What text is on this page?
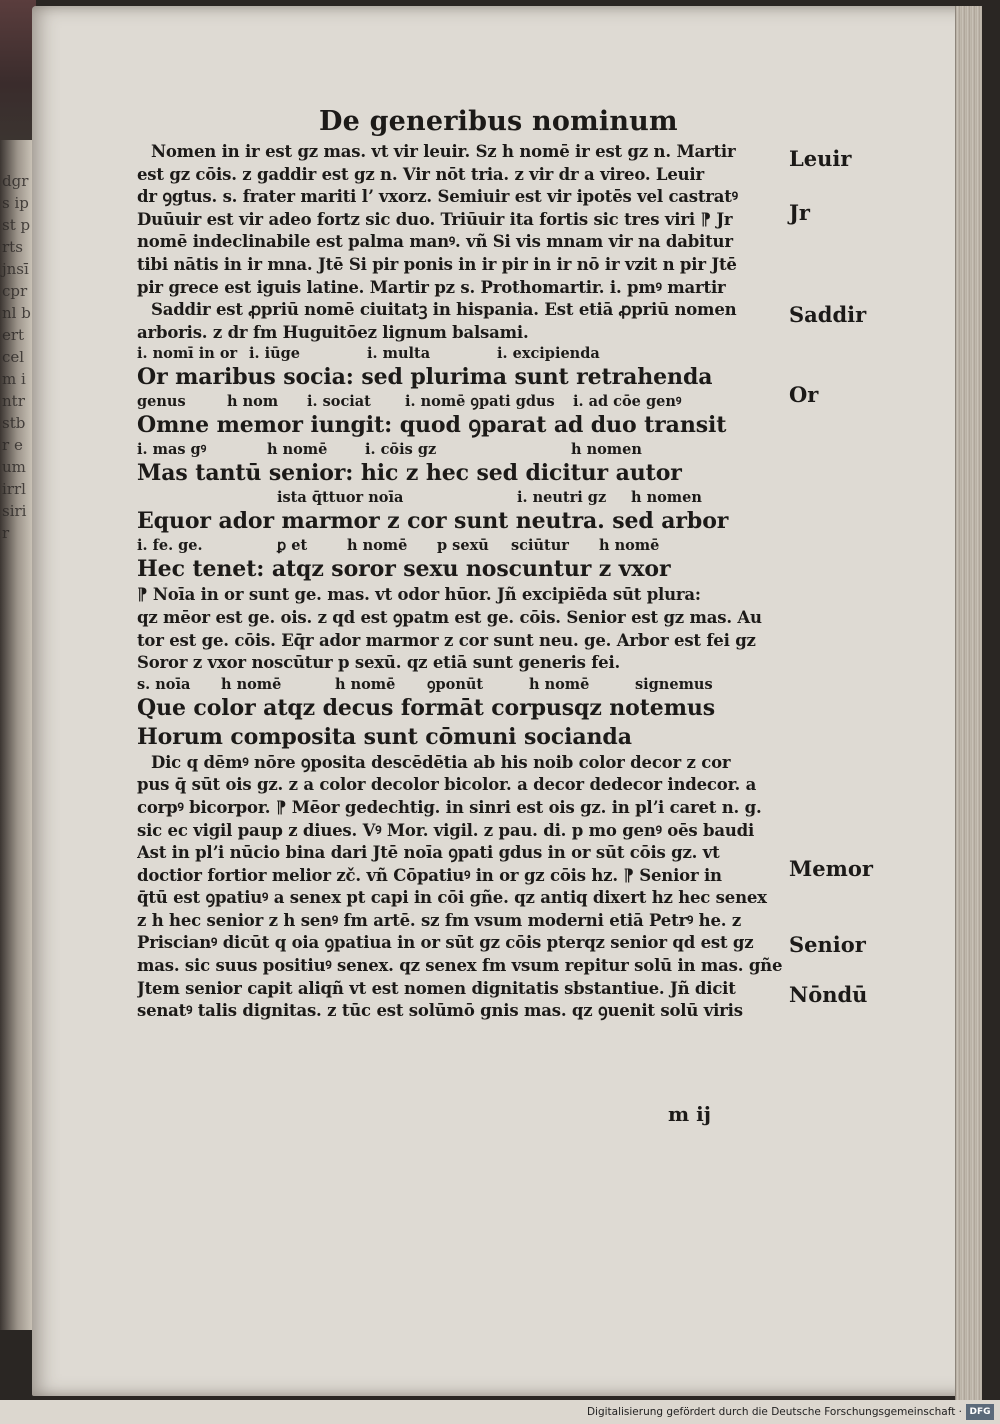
dgrs ipst prts jnsī cprnl bert celm intr stbr eum irrl sirir
De generibus nominum
Nomen in ir est gz mas. vt vir leuir. Sz h nomē ir est gz n. Martir
est gz cōis. z gaddir est gz n. Vir nōt tria. z vir dr a vireo. Leuir
dr ꝯgtus. s. frater mariti lʼ vxorz. Semiuir est vir ipotēs vel castratꝰ
Duūuir est vir adeo fortz sic duo. Triūuir ita fortis sic tres viri ⁋ Jr
nomē indeclinabile est palma manꝰ. vñ Si vis mnam vir na dabitur
tibi nātis in ir mna. Jtē Si pir ponis in ir pir in ir nō ir vzit n pir Jtē
pir grece est iguis latine. Martir pz s. Prothomartir. i. pmꝰ martir
Saddir est ꝓpriū nomē ciuitatꝫ in hispania. Est etiā ꝓpriū nomen
arboris. z dr fm Huguitōez lignum balsami.
i. nomī in or i. iūge	i. multa	i. excipienda
Or maribus socia: sed plurima sunt retrahenda
genus	h nom i. sociat i. nomē ꝯpati gdus i. ad cōe genꝰ
Omne memor iungit: quod ꝯparat ad duo transit
i. mas gꝰ	h nomē	i. cōis gz	h nomen
Mas tantū senior: hic z hec sed dicitur autor
ista q̄ttuor noīa	i. neutri gz h nomen
Equor ador marmor z cor sunt neutra. sed arbor
i. fe. ge.	ꝑ et	h nomē p sexū sciūtur h nomē
Hec tenet: atqz soror sexu noscuntur z vxor
⁋ Noīa in or sunt ge. mas. vt odor hūor. Jñ excipiēda sūt plura:
qz mēor est ge. ois. z qd est ꝯpatm est ge. cōis. Senior est gz mas. Au
tor est ge. cōis. Eq̄r ador marmor z cor sunt neu. ge. Arbor est fei gz
Soror z vxor noscūtur p sexū. qz etiā sunt generis fei.
s. noīa h nomē	h nomē ꝯponūt	h nomē	signemus
Que color atqz decus formāt corpusqz notemus
Horum composita sunt cōmuni socianda
Dic q dēmꝰ nōre ꝯposita descēdētia ab his noib color decor z cor
pus q̄ sūt ois gz. z a color decolor bicolor. a decor dedecor indecor. a
corpꝰ bicorpor. ⁋ Mēor gedechtig. in sinri est ois gz. in plʼi caret n. g.
sic ec vigil paup z diues. Vꝰ Mor. vigil. z pau. di. p mo genꝰ oēs baudi
Ast in plʼi nūcio bina dari Jtē noīa ꝯpati gdus in or sūt cōis gz. vt
doctior fortior melior zč. vñ Cōpatiuꝰ in or gz cōis hz. ⁋ Senior in
q̄tū est ꝯpatiuꝰ a senex pt capi in cōi gñe. qz antiq dixert hz hec senex
z h hec senior z h senꝰ fm artē. sz fm vsum moderni etiā Petrꝰ he. z
Priscianꝰ dicūt q oia ꝯpatiua in or sūt gz cōis pterqz senior qd est gz
mas. sic suus positiuꝰ senex. qz senex fm vsum repitur solū in mas. gñe
Jtem senior capit aliqñ vt est nomen dignitatis sbstantiue. Jñ dicit
senatꝰ talis dignitas. z tūc est solūmō gnis mas. qz ꝯuenit solū viris
Leuir
Jr
Saddir
Or
Memor
Senior
Nōndū
m ij
Digitalisierung gefördert durch die Deutsche Forschungsgemeinschaft · DFG
